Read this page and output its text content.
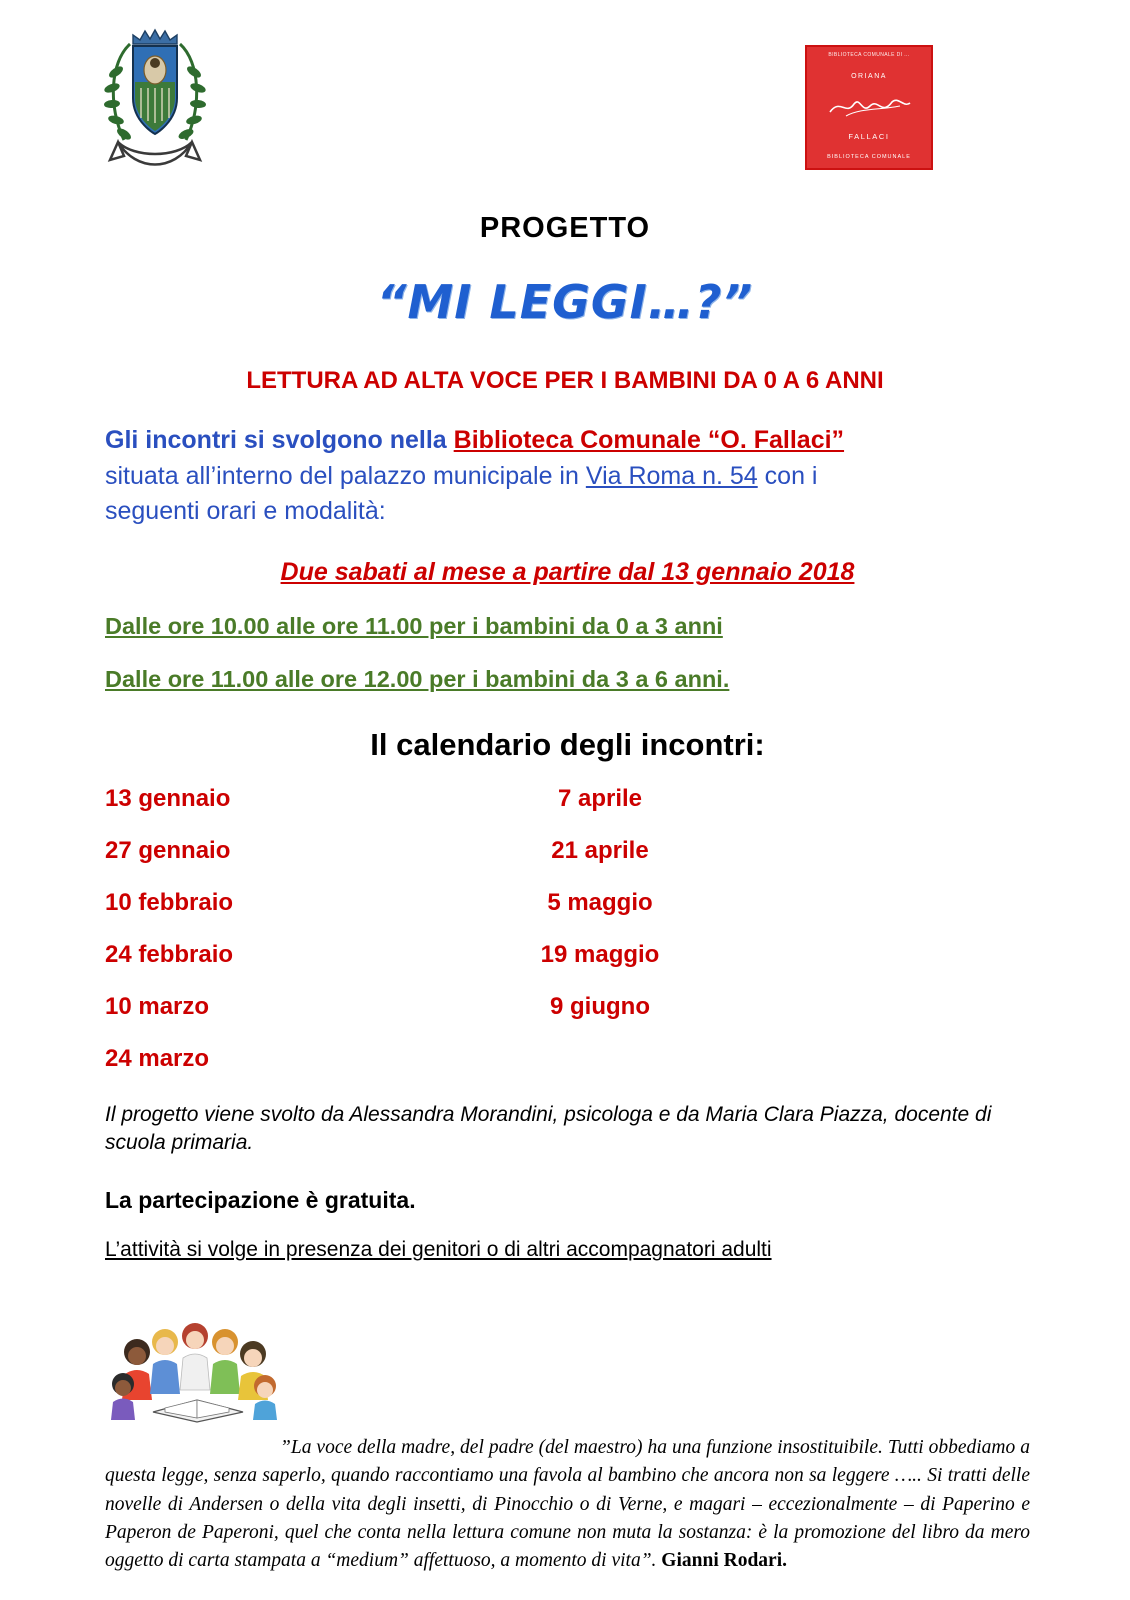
BIBLIOTECA COMUNALE DI ...
ORIANA
FALLACI
BIBLIOTECA COMUNALE
PROGETTO
“MI LEGGI…?”
LETTURA AD ALTA VOCE PER I BAMBINI DA 0 A 6 ANNI
Gli incontri si svolgono nella Biblioteca Comunale “O. Fallaci”
situata all’interno del palazzo municipale in Via Roma n. 54 con i
seguenti orari e modalità:
Due sabati al mese a partire dal 13 gennaio 2018
Dalle ore 10.00 alle ore 11.00 per i bambini da 0 a 3 anni
Dalle ore 11.00 alle ore 12.00 per i bambini da 3 a 6 anni.
Il calendario degli incontri:
13 gennaio	7 aprile
27 gennaio	21 aprile
10 febbraio	5 maggio
24 febbraio	19 maggio
10 marzo	9 giugno
24 marzo
Il progetto viene svolto da Alessandra Morandini, psicologa e da Maria Clara Piazza, docente di scuola primaria.
La partecipazione è gratuita.
L’attività si volge in presenza dei genitori o di altri accompagnatori adulti
”La voce della madre, del padre (del maestro) ha una funzione insostituibile. Tutti obbediamo a questa legge, senza saperlo, quando raccontiamo una favola al bambino che ancora non sa leggere ….. Si tratti delle novelle di Andersen o della vita degli insetti, di Pinocchio o di Verne, e magari – eccezionalmente – di Paperino e Paperon de Paperoni, quel che conta nella lettura comune non muta la sostanza: è la promozione del libro da mero oggetto di carta stampata a “medium” affettuoso, a momento di vita”. Gianni Rodari.
